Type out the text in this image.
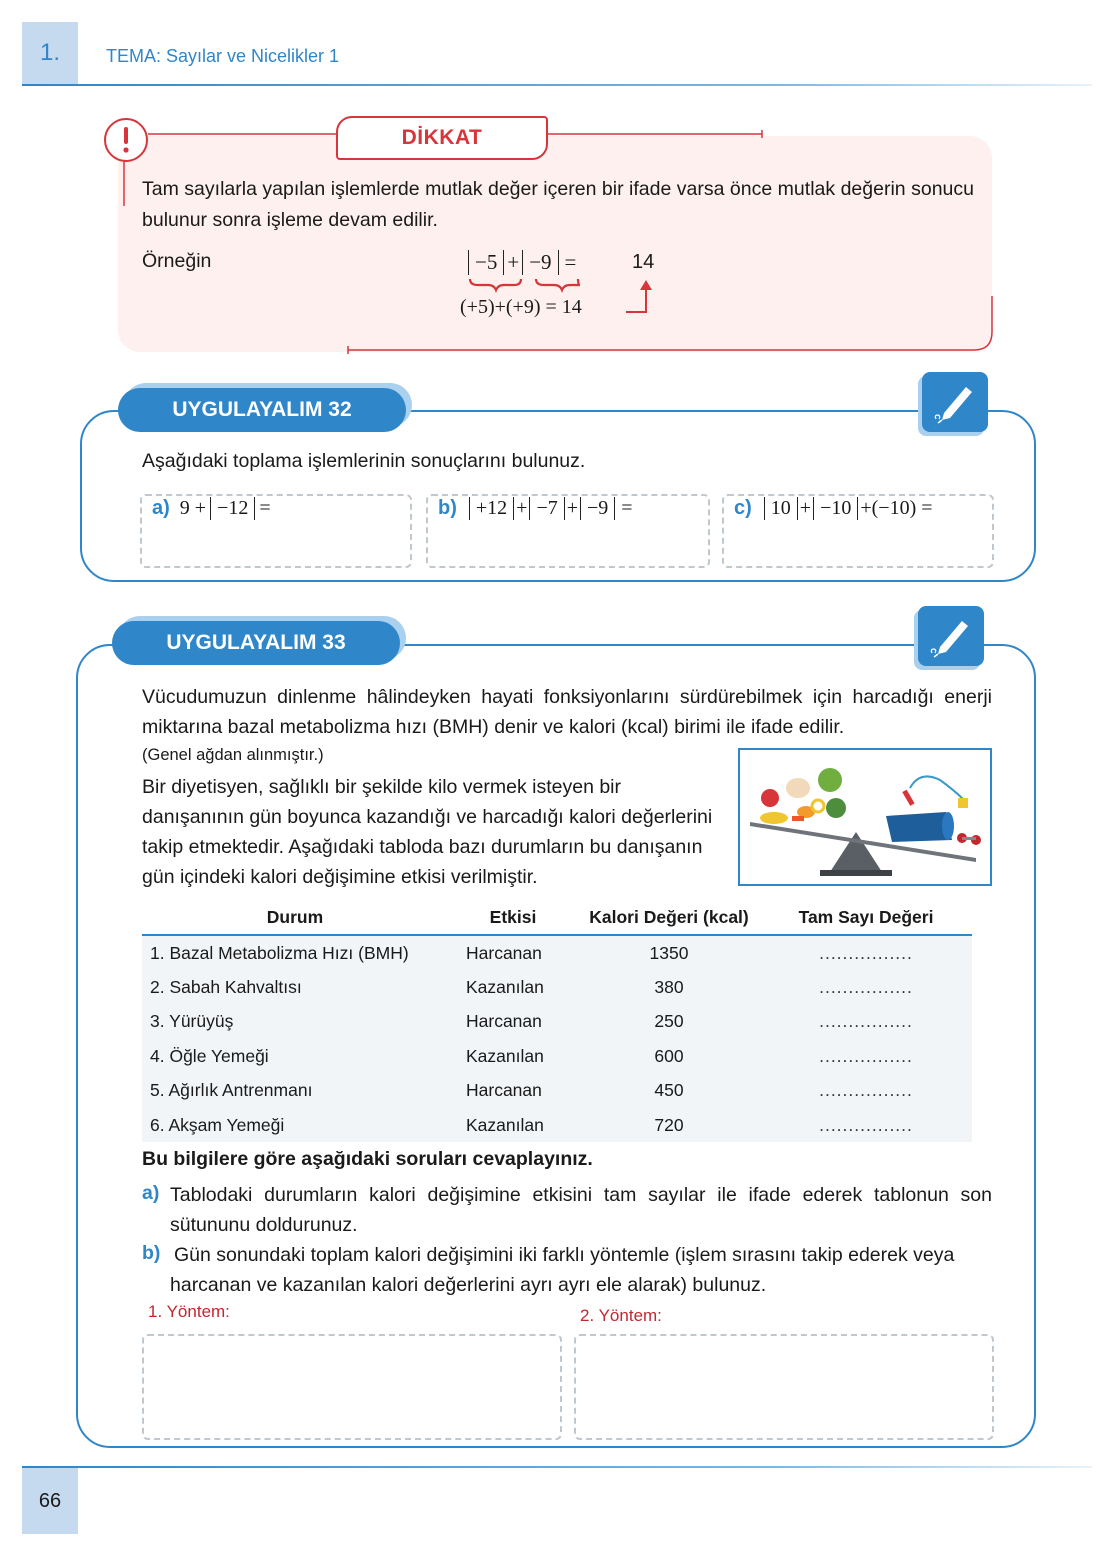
1.	TEMA: Sayılar ve Nicelikler 1
DİKKAT
Tam sayılarla yapılan işlemlerde mutlak değer içeren bir ifade varsa önce mutlak değerin sonucu bulunur sonra işleme devam edilir.
Örneğin	−5 + −9 =	14
(+5)+(+9) = 14
UYGULAYALIM 32
Aşağıdaki toplama işlemlerinin sonuçlarını bulunuz.
a) 9 + −12 =	b) +12 + −7 + −9 =	c) 10 + −10 +(−10) =
UYGULAYALIM 33
Vücudumuzun dinlenme hâlindeyken hayati fonksiyonlarını sürdürebilmek için harcadığı enerji miktarına bazal metabolizma hızı (BMH) denir ve kalori (kcal) birimi ile ifade edilir.
(Genel ağdan alınmıştır.)
Bir diyetisyen, sağlıklı bir şekilde kilo vermek isteyen bir danışanının gün boyunca kazandığı ve harcadığı kalori değerlerini takip etmektedir. Aşağıdaki tabloda bazı durumların bu danışanın gün içindeki kalori değişimine etkisi verilmiştir.
Durum	Etkisi	Kalori Değeri (kcal)	Tam Sayı Değeri
1. Bazal Metabolizma Hızı (BMH)	Harcanan	1350	................
2. Sabah Kahvaltısı	Kazanılan	380	................
3. Yürüyüş	Harcanan	250	................
4. Öğle Yemeği	Kazanılan	600	................
5. Ağırlık Antrenmanı	Harcanan	450	................
6. Akşam Yemeği	Kazanılan	720	................
Bu bilgilere göre aşağıdaki soruları cevaplayınız.
a) Tablodaki durumların kalori değişimine etkisini tam sayılar ile ifade ederek tablonun son sütununu doldurunuz.
b) Gün sonundaki toplam kalori değişimini iki farklı yöntemle (işlem sırasını takip ederek veya harcanan ve kazanılan kalori değerlerini ayrı ayrı ele alarak) bulunuz.
1. Yöntem:	2. Yöntem:
66
